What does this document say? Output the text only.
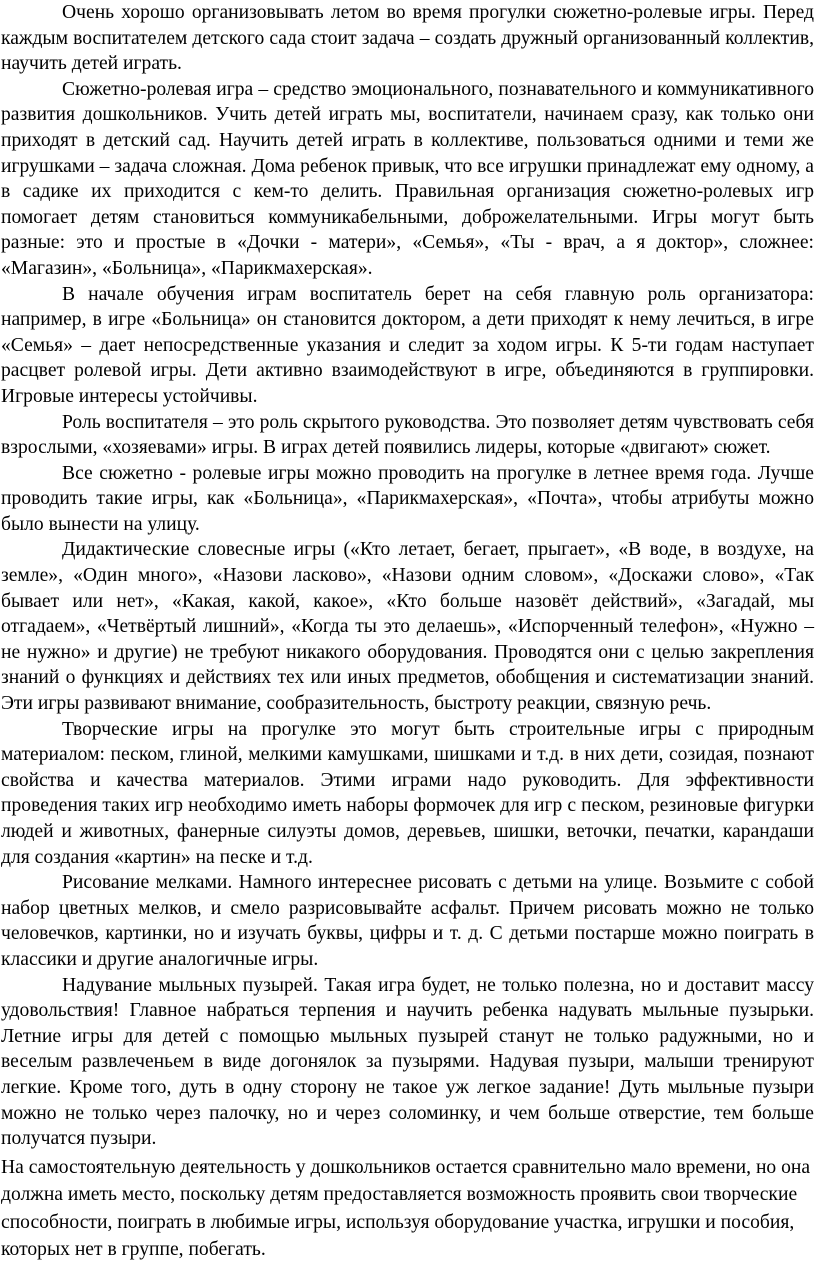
Очень хорошо организовывать летом во время прогулки сюжетно-ролевые игры. Перед каждым воспитателем детского сада стоит задача – создать дружный организованный коллектив, научить детей играть.

Сюжетно-ролевая игра – средство эмоционального, познавательного и коммуникативного развития дошкольников. Учить детей играть мы, воспитатели, начинаем сразу, как только они приходят в детский сад. Научить детей играть в коллективе, пользоваться одними и теми же игрушками – задача сложная. Дома ребенок привык, что все игрушки принадлежат ему одному, а в садике их приходится с кем-то делить. Правильная организация сюжетно-ролевых игр помогает детям становиться коммуникабельными, доброжелательными. Игры могут быть разные: это и простые в «Дочки - матери», «Семья», «Ты - врач, а я доктор», сложнее: «Магазин», «Больница», «Парикмахерская».

В начале обучения играм воспитатель берет на себя главную роль организатора: например, в игре «Больница» он становится доктором, а дети приходят к нему лечиться, в игре «Семья» – дает непосредственные указания и следит за ходом игры. К 5-ти годам наступает расцвет ролевой игры. Дети активно взаимодействуют в игре, объединяются в группировки. Игровые интересы устойчивы.

Роль воспитателя – это роль скрытого руководства. Это позволяет детям чувствовать себя взрослыми, «хозяевами» игры. В играх детей появились лидеры, которые «двигают» сюжет.

Все сюжетно - ролевые игры можно проводить на прогулке в летнее время года. Лучше проводить такие игры, как «Больница», «Парикмахерская», «Почта», чтобы атрибуты можно было вынести на улицу.

Дидактические словесные игры («Кто летает, бегает, прыгает», «В воде, в воздухе, на земле», «Один много», «Назови ласково», «Назови одним словом», «Доскажи слово», «Так бывает или нет», «Какая, какой, какое», «Кто больше назовёт действий», «Загадай, мы отгадаем», «Четвёртый лишний», «Когда ты это делаешь», «Испорченный телефон», «Нужно – не нужно» и другие) не требуют никакого оборудования. Проводятся они с целью закрепления знаний о функциях и действиях тех или иных предметов, обобщения и систематизации знаний. Эти игры развивают внимание, сообразительность, быстроту реакции, связную речь.

Творческие игры на прогулке это могут быть строительные игры с природным материалом: песком, глиной, мелкими камушками, шишками и т.д. в них дети, созидая, познают свойства и качества материалов. Этими играми надо руководить. Для эффективности проведения таких игр необходимо иметь наборы формочек для игр с песком, резиновые фигурки людей и животных, фанерные силуэты домов, деревьев, шишки, веточки, печатки, карандаши для создания «картин» на песке и т.д.

Рисование мелками. Намного интереснее рисовать с детьми на улице. Возьмите с собой набор цветных мелков, и смело разрисовывайте асфальт. Причем рисовать можно не только человечков, картинки, но и изучать буквы, цифры и т. д. С детьми постарше можно поиграть в классики и другие аналогичные игры.

Надувание мыльных пузырей. Такая игра будет, не только полезна, но и доставит массу удовольствия! Главное набраться терпения и научить ребенка надувать мыльные пузырьки. Летние игры для детей с помощью мыльных пузырей станут не только радужными, но и веселым развлеченьем в виде догонялок за пузырями. Надувая пузыри, малыши тренируют легкие. Кроме того, дуть в одну сторону не такое уж легкое задание! Дуть мыльные пузыри можно не только через палочку, но и через соломинку, и чем больше отверстие, тем больше получатся пузыри.

На самостоятельную деятельность у дошкольников остается сравнительно мало времени, но она должна иметь место, поскольку детям предоставляется возможность проявить свои творческие способности, поиграть в любимые игры, используя оборудование участка, игрушки и пособия, которых нет в группе, побегать.
